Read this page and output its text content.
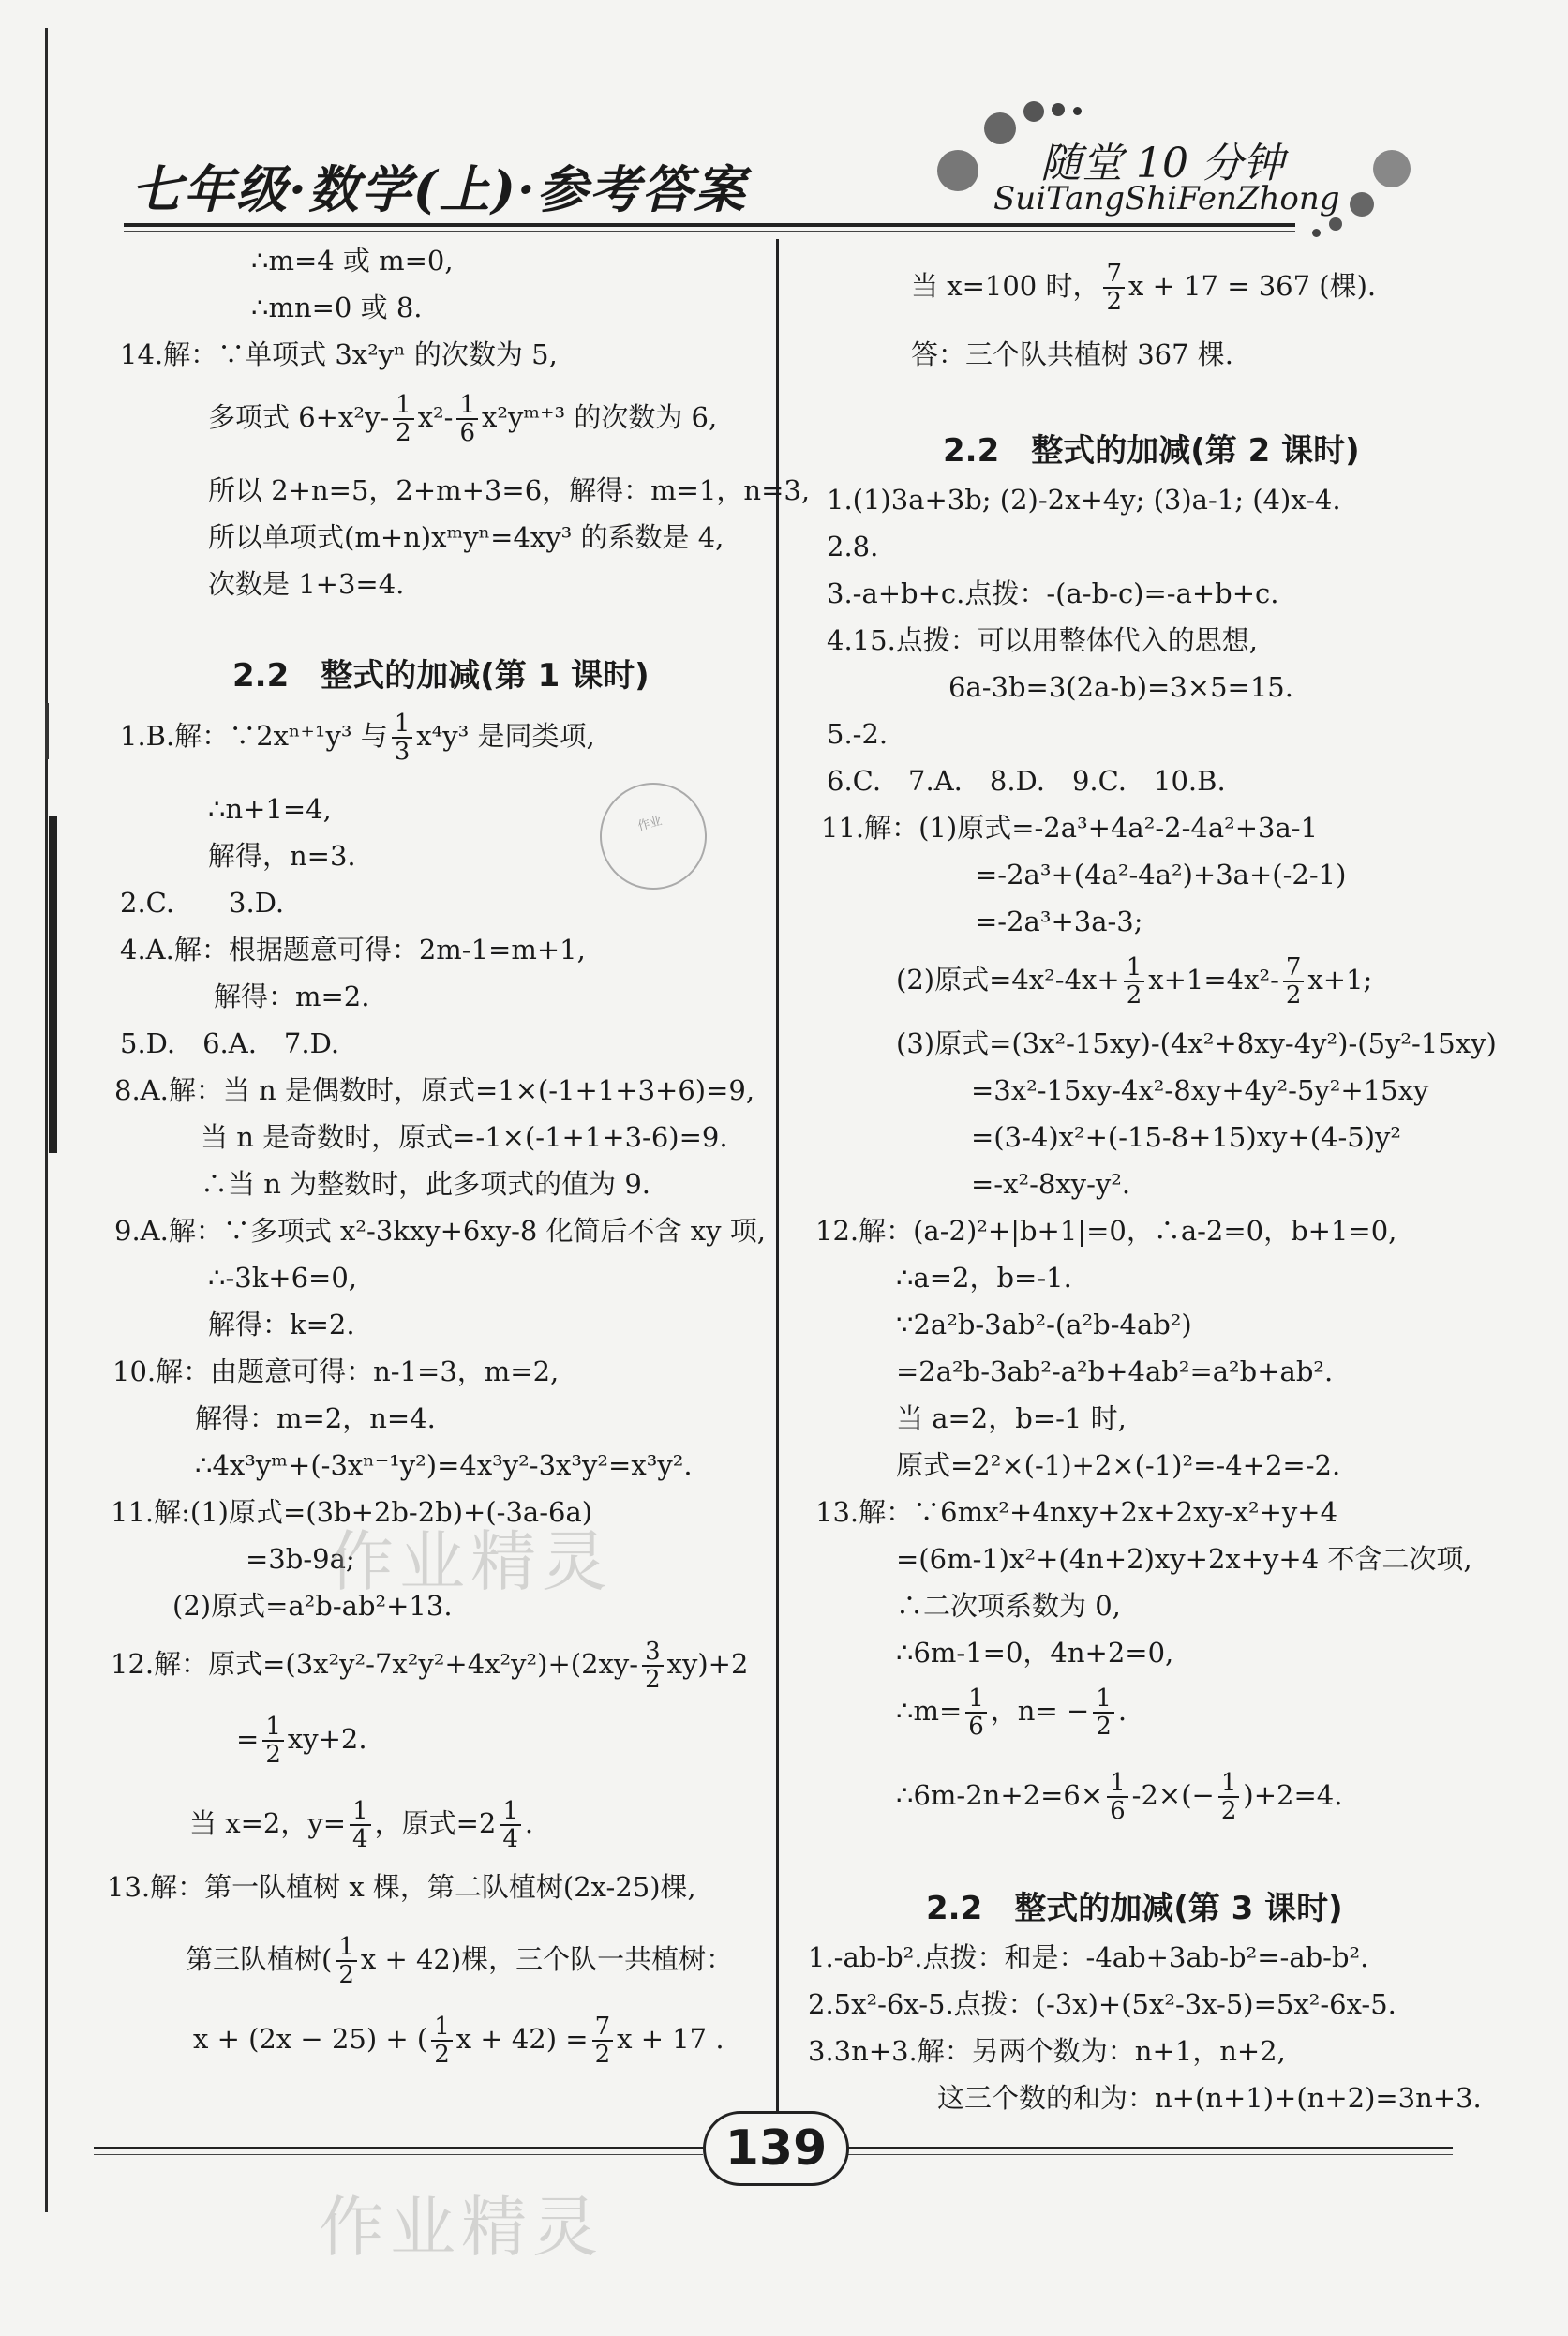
七年级·数学(上)·参考答案	随堂 10 分钟
SuiTangShiFenZhong
∴m=4 或 m=0,
∴mn=0 或 8.
14.解：∵单项式 3x²yⁿ 的次数为 5,
多项式 $6+x^2y- \frac{1}{2} x^2- \frac{1}{6}$ x²yᵐ⁺³ 的次数为 6,
所以 2+n=5，2+m+3=6，解得：m=1，n=3,
所以单项式(m+n)xᵐyⁿ=4xy³ 的系数是 4,
次数是 1+3=4.
2.2　整式的加减(第 1 课时)
1.B.解：∵2xⁿ⁺¹y³ 与 $\frac{1}{3} x^4y^3$ 是同类项,
∴n+1=4,
解得，n=3.
2.C.　　3.D.
4.A.解：根据题意可得：2m-1=m+1,
解得：m=2.
5.D.　6.A.　7.D.
8.A.解：当 n 是偶数时，原式=1×(-1+1+3+6)=9,
当 n 是奇数时，原式=-1×(-1+1+3-6)=9.
∴当 n 为整数时，此多项式的值为 9.
9.A.解：∵多项式 x²-3kxy+6xy-8 化简后不含 xy 项,
∴-3k+6=0,
解得：k=2.
10.解：由题意可得：n-1=3，m=2,
解得：m=2，n=4.
∴4x³yᵐ+(-3xⁿ⁻¹y²)=4x³y²-3x³y²=x³y².
11.解:(1)原式=(3b+2b-2b)+(-3a-6a)
=3b-9a;
(2)原式=a²b-ab²+13.
12.解：原式$=(3x^2y^2-7x^2y^2+4x^2y^2)+(2xy- \frac{3}{2} xy)+2$
= $\frac{1}{2} xy+2$.
当 x=2，$y= \frac{1}{4}$ ，原式$=2 \frac{1}{4}$ .
13.解：第一队植树 x 棵，第二队植树(2x-25)棵,
第三队植树( $\frac{1}{2}$ x + 42)棵，三个队一共植树：
x + (2x − 25) + ( $\frac{1}{2}$ $x + 42) = \frac{7}{2}$ x + 17 .
当 x=100 时， $\frac{7}{2}$ x + 17 = 367 (棵).
答：三个队共植树 367 棵.
2.2　整式的加减(第 2 课时)
1.(1)3a+3b; (2)-2x+4y; (3)a-1; (4)x-4.
2.8.
3.-a+b+c.点拨：-(a-b-c)=-a+b+c.
4.15.点拨：可以用整体代入的思想,
6a-3b=3(2a-b)=3×5=15.
5.-2.
6.C.　7.A.　8.D.　9.C.　10.B.
11.解：(1)原式=-2a³+4a²-2-4a²+3a-1
=-2a³+(4a²-4a²)+3a+(-2-1)
=-2a³+3a-3;
(2)原式$=4x^2-4x+ \frac{1}{2} x+1=4x^2- \frac{7}{2} x+1$;
(3)原式=(3x²-15xy)-(4x²+8xy-4y²)-(5y²-15xy)
=3x²-15xy-4x²-8xy+4y²-5y²+15xy
=(3-4)x²+(-15-8+15)xy+(4-5)y²
=-x²-8xy-y².
12.解：(a-2)²+|b+1|=0，∴a-2=0，b+1=0,
∴a=2，b=-1.
∵2a²b-3ab²-(a²b-4ab²)
=2a²b-3ab²-a²b+4ab²=a²b+ab².
当 a=2，b=-1 时,
原式=2²×(-1)+2×(-1)²=-4+2=-2.
13.解：∵6mx²+4nxy+2x+2xy-x²+y+4
=(6m-1)x²+(4n+2)xy+2x+y+4 不含二次项,
∴二次项系数为 0,
∴6m-1=0，4n+2=0,
∴m= $\frac{1}{6}$ ，$n= - \frac{1}{2}$ .
∴6m-2n+2=6× $\frac{1}{6} -2\times(- \frac{1}{2} )+2=4$.
2.2　整式的加减(第 3 课时)
1.-ab-b².点拨：和是：-4ab+3ab-b²=-ab-b².
2.5x²-6x-5.点拨：(-3x)+(5x²-3x-5)=5x²-6x-5.
3.3n+3.解：另两个数为：n+1，n+2,
这三个数的和为：n+(n+1)+(n+2)=3n+3.
作业
作业精灵
作业精灵
139
